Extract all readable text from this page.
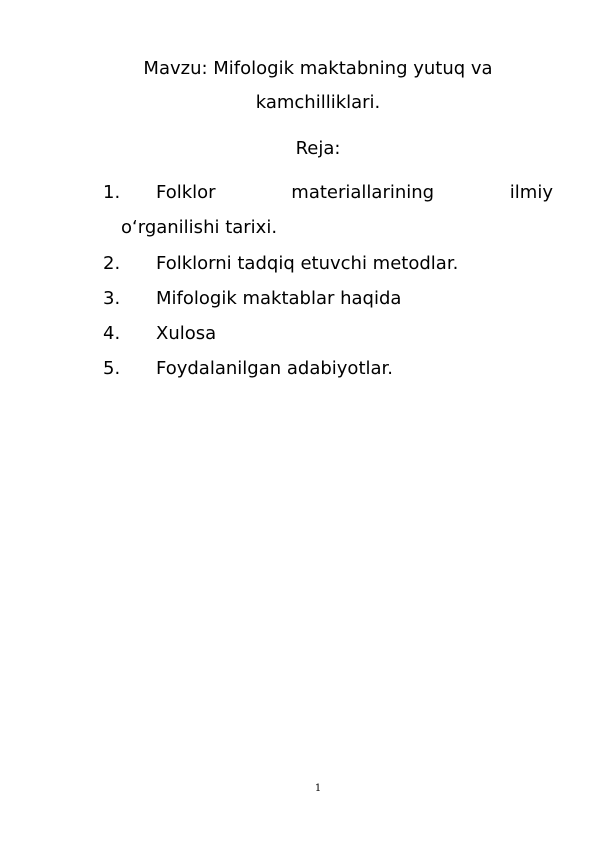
Mavzu: Mifologik maktabning yutuq va
kamchilliklari.
Reja:
1. Folklor	materiallarining	ilmiy
o‘rganilishi tarixi.
2. Folklorni tadqiq etuvchi metodlar.
3. Mifologik maktablar haqida
4. Xulosa
5. Foydalanilgan adabiyotlar.
1
